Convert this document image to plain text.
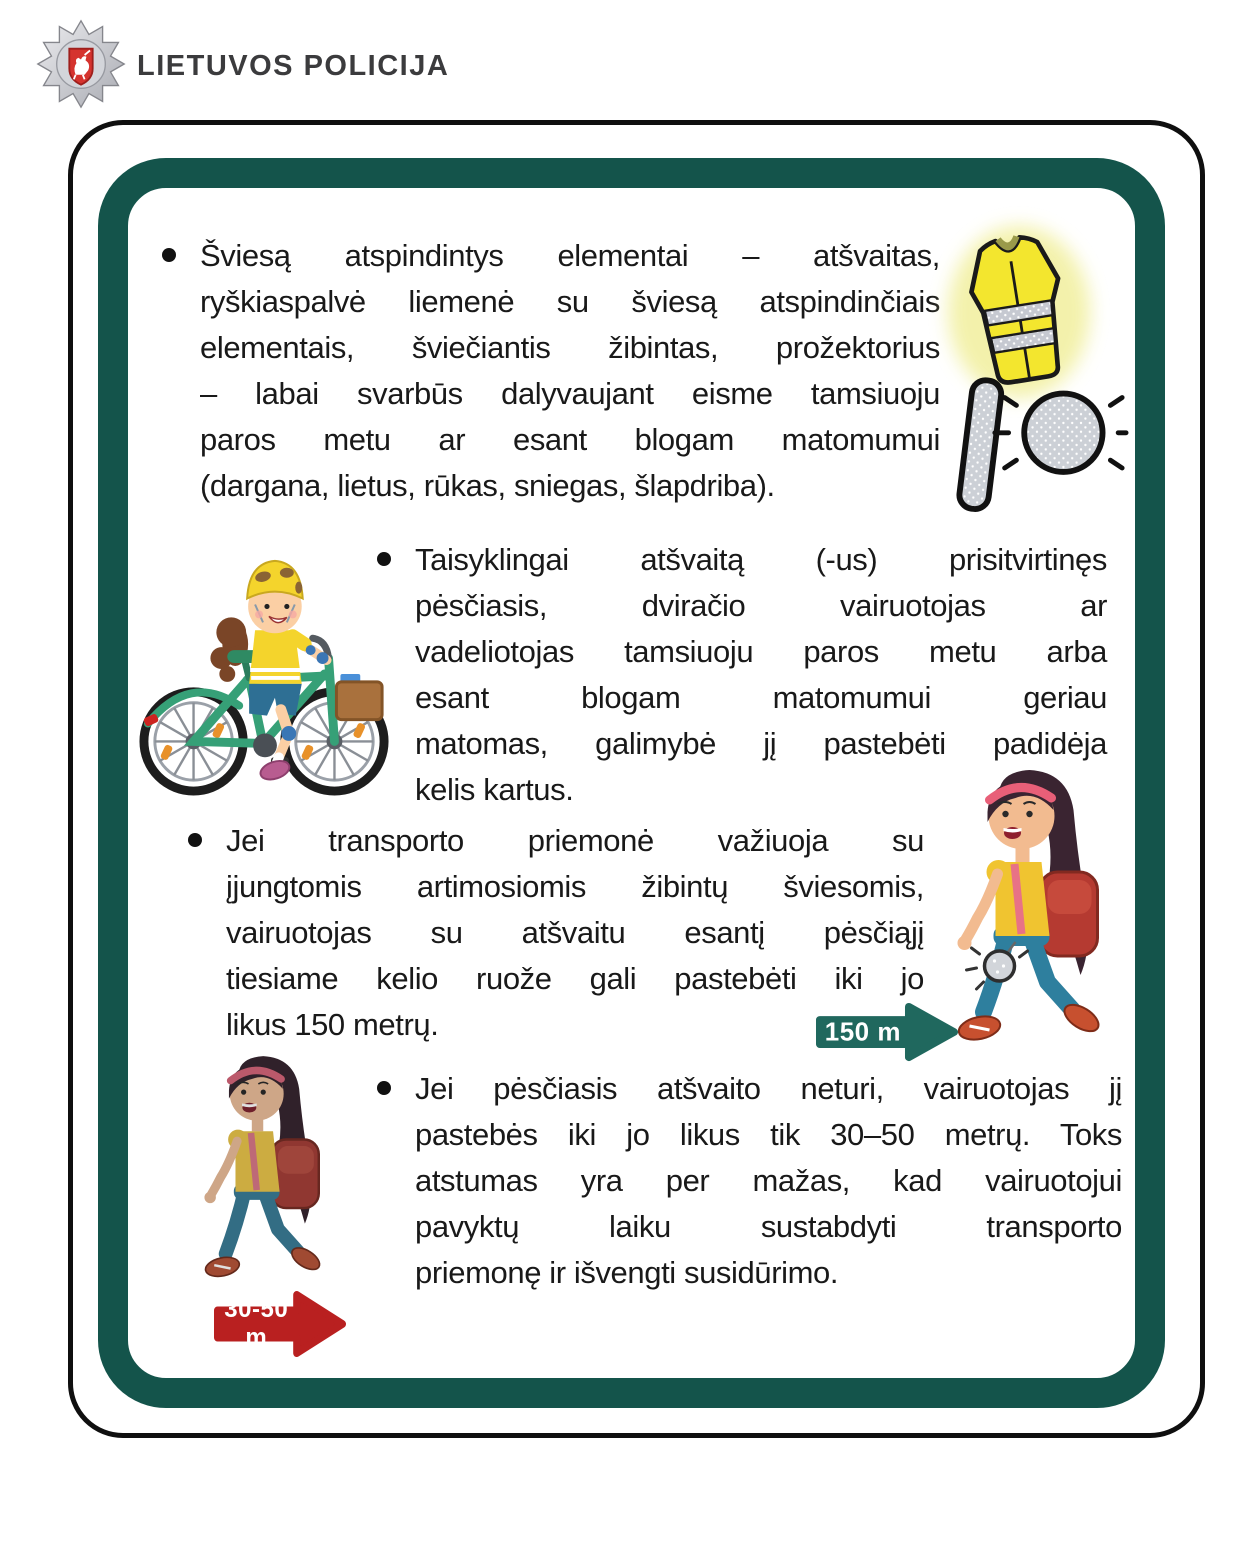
LIETUVOS POLICIJA
Šviesą atspindintys elementai – atšvaitas,
ryškiaspalvė liemenė su šviesą atspindinčiais
elementais, šviečiantis žibintas, prožektorius
– labai svarbūs dalyvaujant eisme tamsiuoju
paros metu ar esant blogam matomumui
(dargana, lietus, rūkas, sniegas, šlapdriba).
Taisyklingai atšvaitą (-us) prisitvirtinęs
pėsčiasis, dviračio vairuotojas ar
vadeliotojas tamsiuoju paros metu arba
esant blogam matomumui geriau
matomas, galimybė jį pastebėti padidėja
kelis kartus.
Jei transporto priemonė važiuoja su
įjungtomis artimosiomis žibintų šviesomis,
vairuotojas su atšvaitu esantį pėsčiąjį
tiesiame kelio ruože gali pastebėti iki jo
likus 150 metrų.
Jei pėsčiasis atšvaito neturi, vairuotojas jį
pastebės iki jo likus tik 30–50 metrų. Toks
atstumas yra per mažas, kad vairuotojui
pavyktų laiku sustabdyti transporto
priemonę ir išvengti susidūrimo.
150 m
30-50 m
